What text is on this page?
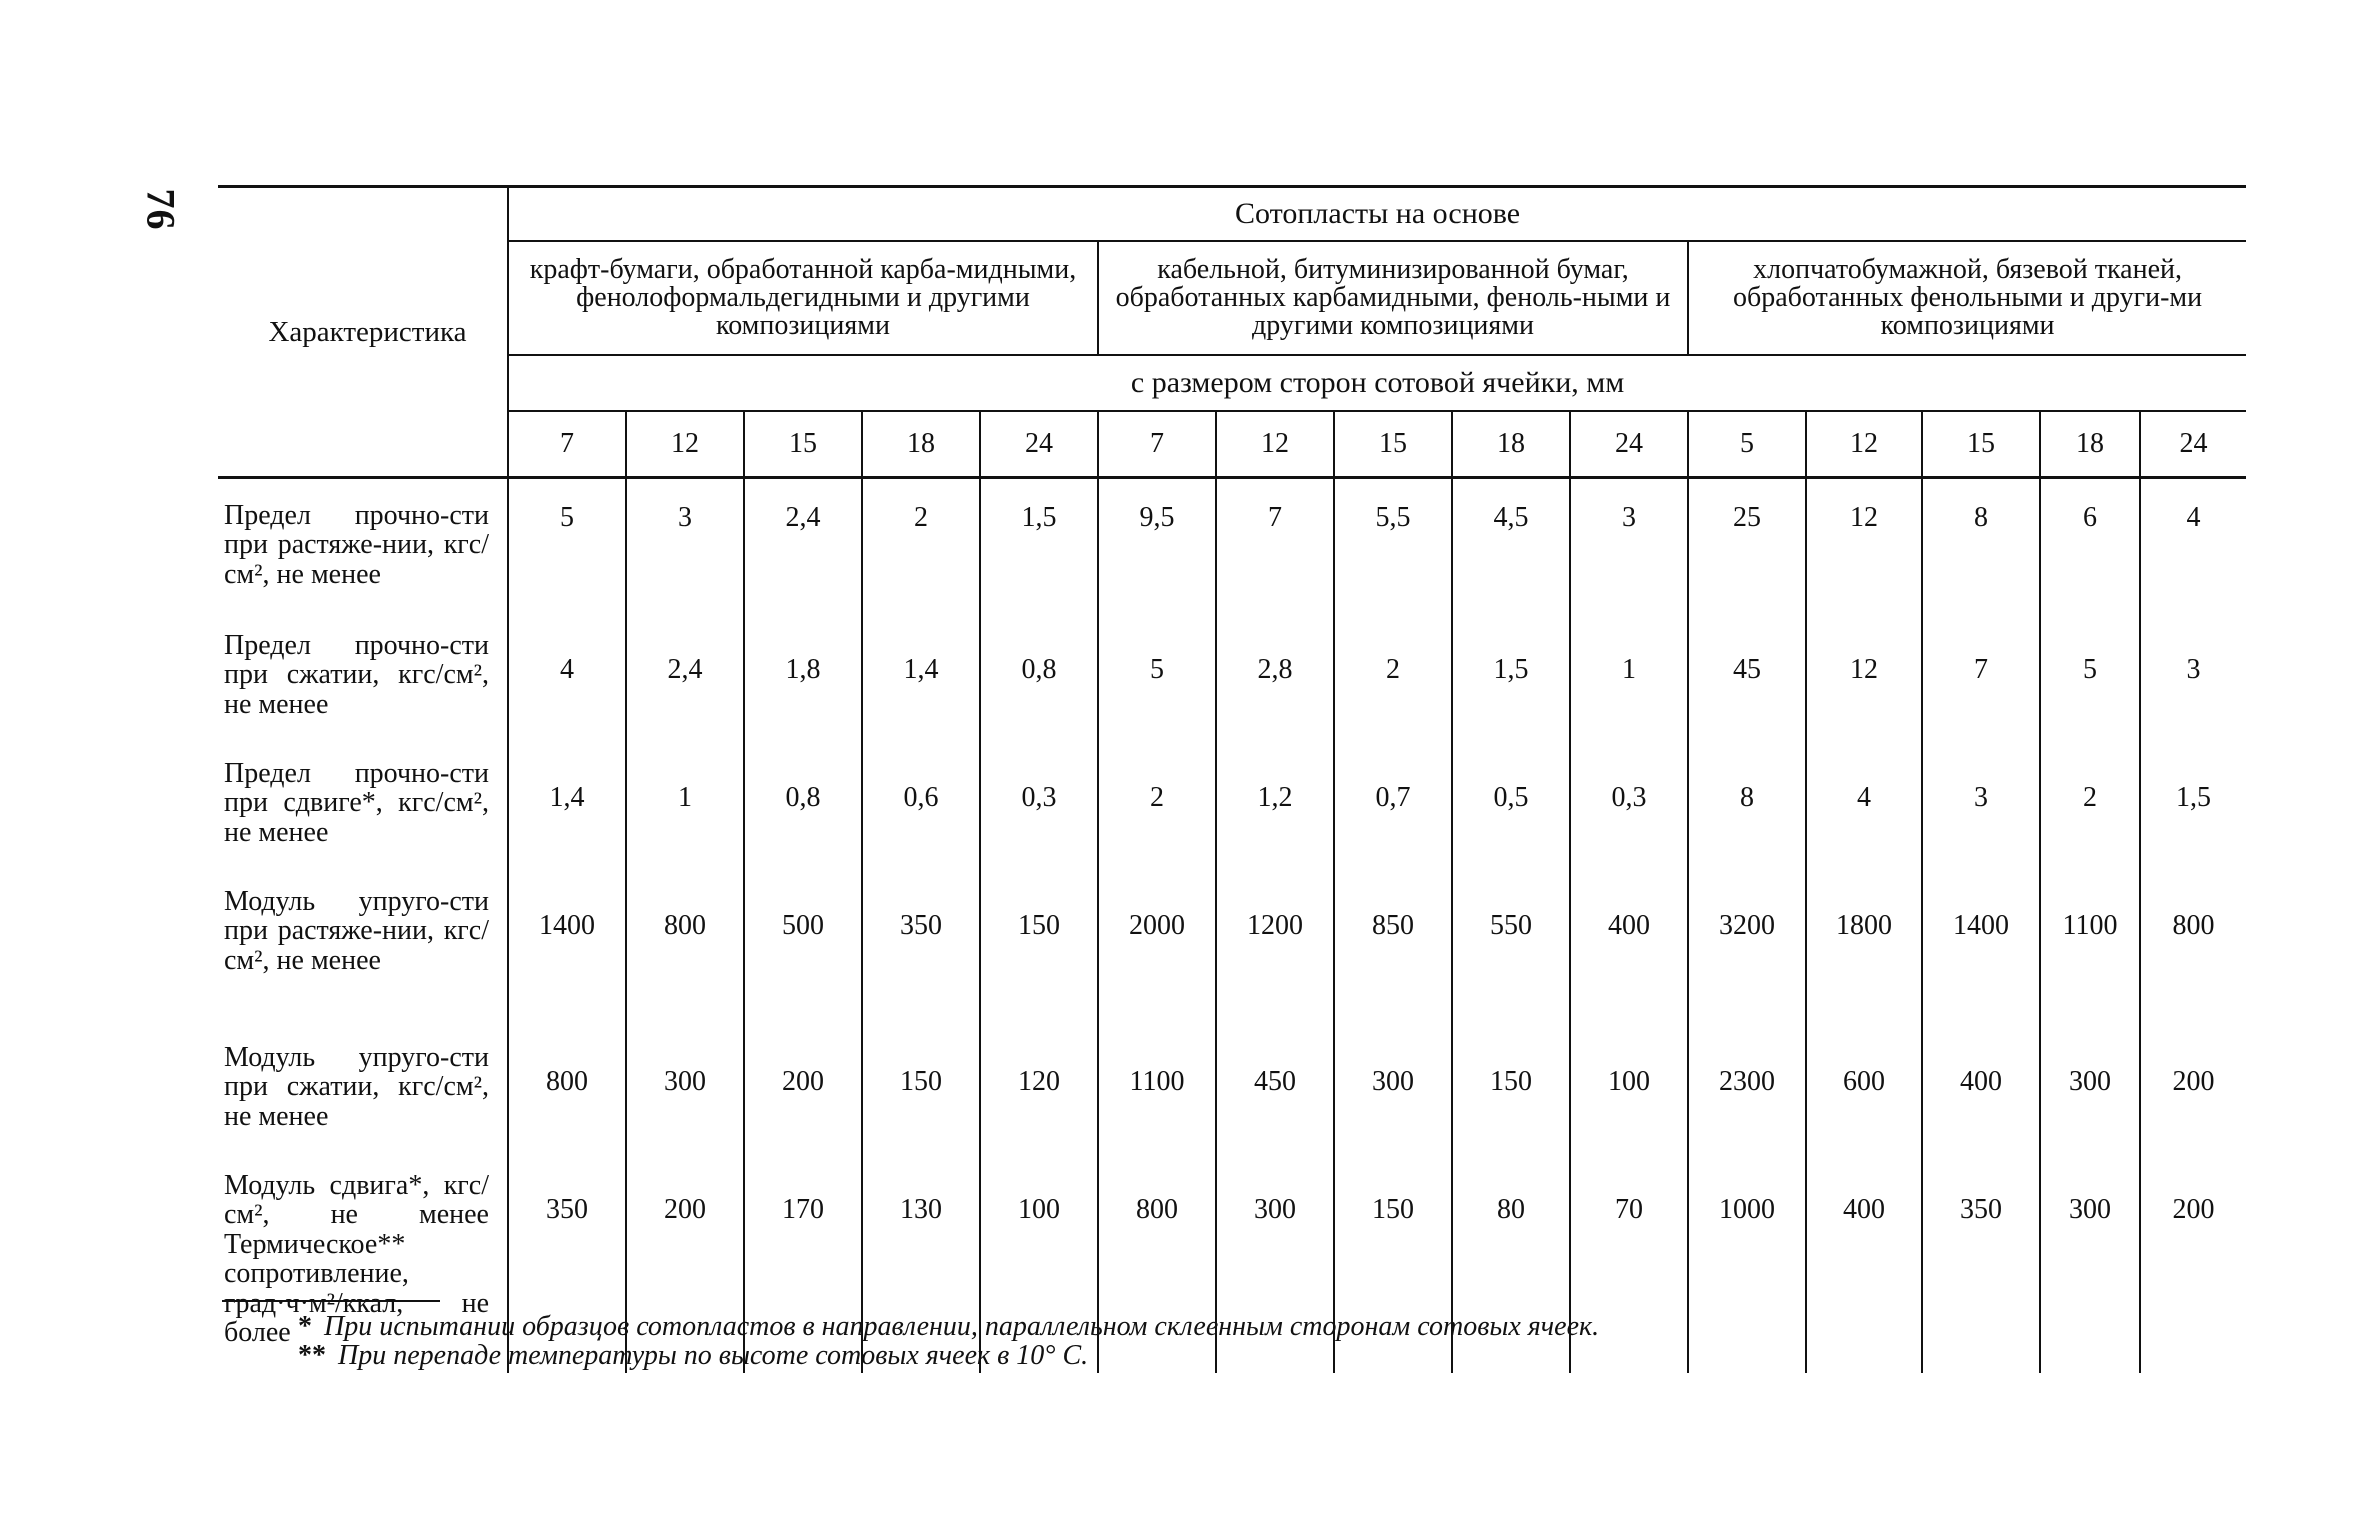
76
Характеристика	Сотопласты на основе														
	крафт-бумаги, обработанной карба-мидными, фенолоформальдегидными и другими композициями					кабельной, битуминизированной бумаг, обработанных карбамидными, феноль-ными и другими композициями					хлопчатобумажной, бязевой тканей, обработанных фенольными и други-ми композициями				
	с размером сторон сотовой ячейки, мм														
	7	12	15	18	24	7	12	15	18	24	5	12	15	18	24
Предел прочно-сти при растяже-нии, кгс/см², не менее	5	3	2,4	2	1,5	9,5	7	5,5	4,5	3	25	12	8	6	4
Предел прочно-сти при сжатии, кгс/см², не менее	4	2,4	1,8	1,4	0,8	5	2,8	2	1,5	1	45	12	7	5	3
Предел прочно-сти при сдвиге*, кгс/см², не менее	1,4	1	0,8	0,6	0,3	2	1,2	0,7	0,5	0,3	8	4	3	2	1,5
Модуль упруго-сти при растяже-нии, кгс/см², не менее	1400	800	500	350	150	2000	1200	850	550	400	3200	1800	1400	1100	800
Модуль упруго-сти при сжатии, кгс/см², не менее	800	300	200	150	120	1100	450	300	150	100	2300	600	400	300	200
Модуль сдвига*, кгс/см², не менее Термическое** сопротивление, град·ч·м²/ккал, не более	350	200	170	130	100	800	300	150	80	70	1000	400	350	300	200
* При испытании образцов сотопластов в направлении, параллельном склеенным сторонам сотовых ячеек.
** При перепаде температуры по высоте сотовых ячеек в 10° С.
